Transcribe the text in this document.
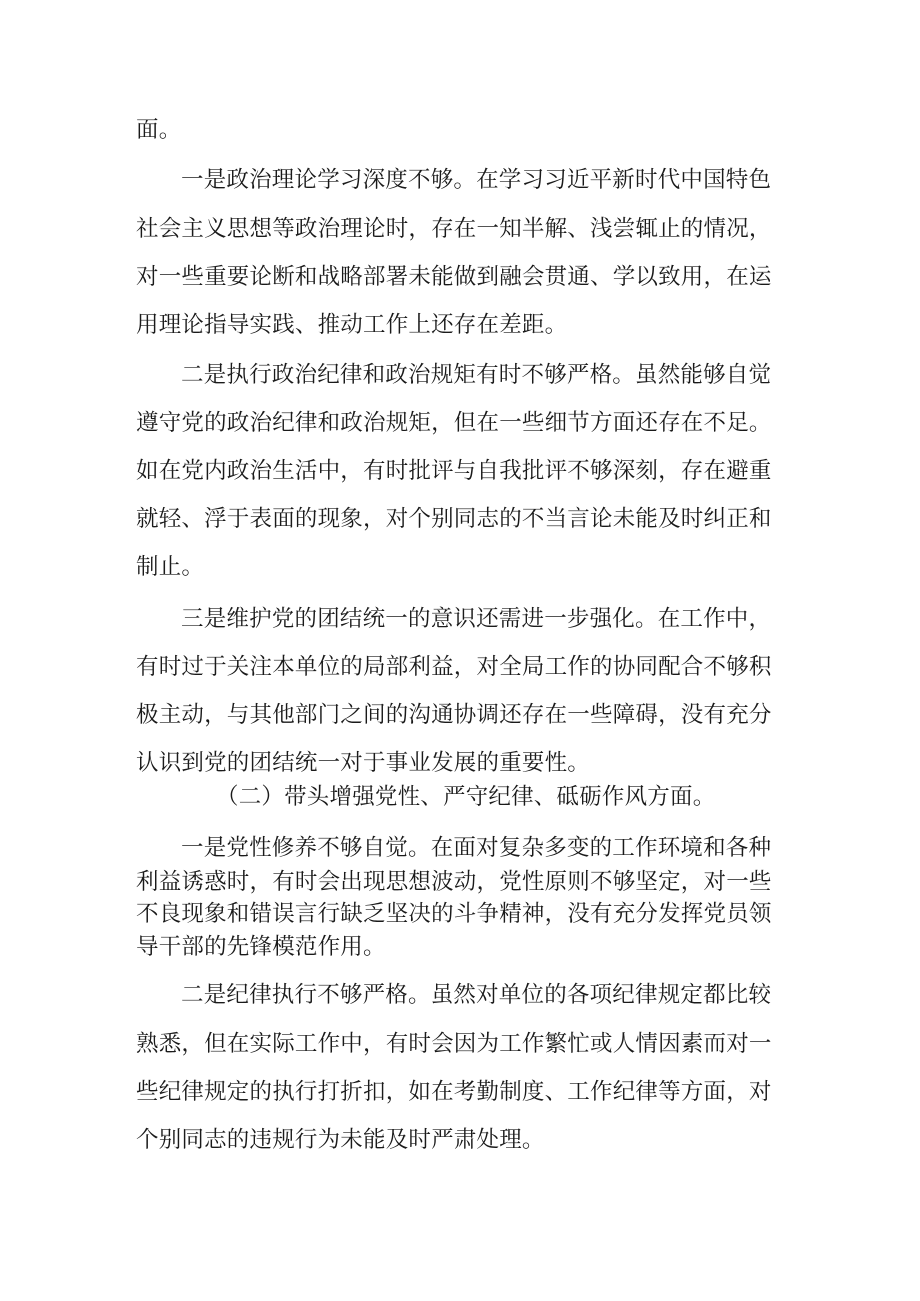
面。
一是政治理论学习深度不够。在学习习近平新时代中国特色
社会主义思想等政治理论时，存在一知半解、浅尝辄止的情况，
对一些重要论断和战略部署未能做到融会贯通、学以致用，在运
用理论指导实践、推动工作上还存在差距。
二是执行政治纪律和政治规矩有时不够严格。虽然能够自觉
遵守党的政治纪律和政治规矩，但在一些细节方面还存在不足。
如在党内政治生活中，有时批评与自我批评不够深刻，存在避重
就轻、浮于表面的现象，对个别同志的不当言论未能及时纠正和
制止。
三是维护党的团结统一的意识还需进一步强化。在工作中，
有时过于关注本单位的局部利益，对全局工作的协同配合不够积
极主动，与其他部门之间的沟通协调还存在一些障碍，没有充分
认识到党的团结统一对于事业发展的重要性。
（二）带头增强党性、严守纪律、砥砺作风方面。
一是党性修养不够自觉。在面对复杂多变的工作环境和各种
利益诱惑时，有时会出现思想波动，党性原则不够坚定，对一些
不良现象和错误言行缺乏坚决的斗争精神，没有充分发挥党员领
导干部的先锋模范作用。
二是纪律执行不够严格。虽然对单位的各项纪律规定都比较
熟悉，但在实际工作中，有时会因为工作繁忙或人情因素而对一
些纪律规定的执行打折扣，如在考勤制度、工作纪律等方面，对
个别同志的违规行为未能及时严肃处理。
